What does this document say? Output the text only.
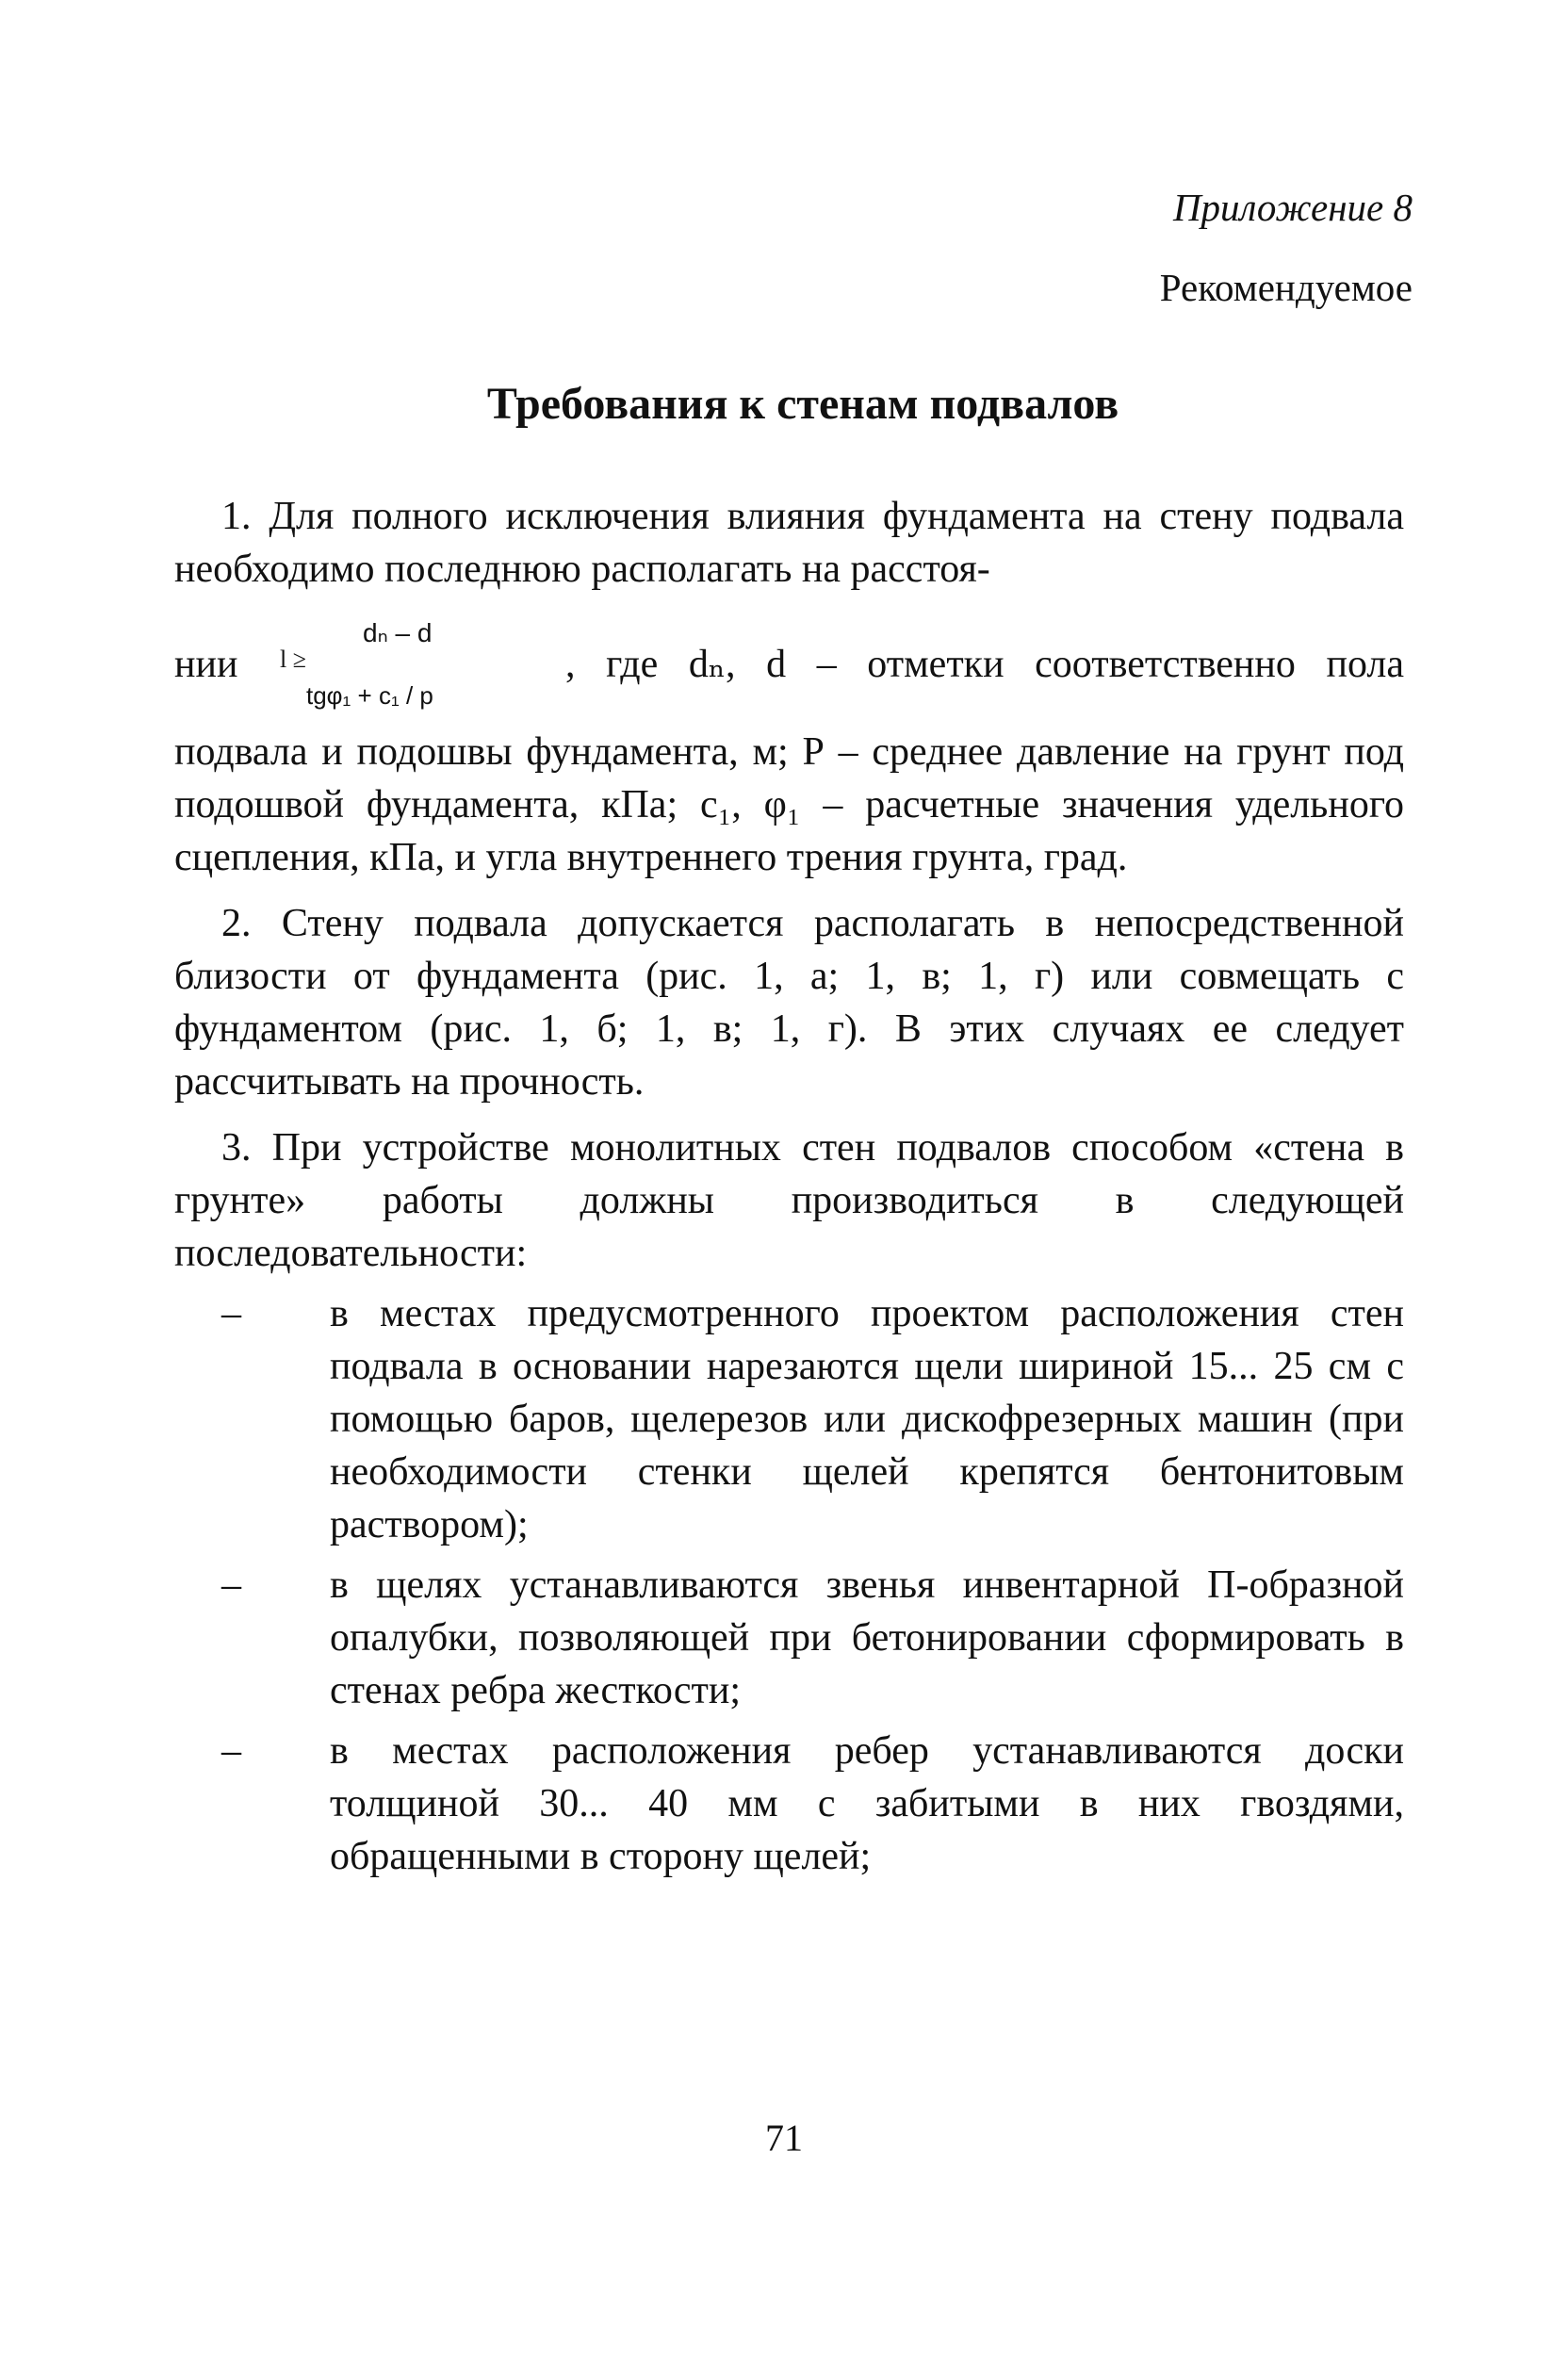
Приложение 8
Рекомендуемое
Требования к стенам подвалов

1. Для полного исключения влияния фундамента на стену подвала необходимо последнюю располагать на расстоя-

нии l ≥
dₙ – d
tgφ₁ + c₁ / p
, где dₙ, d – отметки соответственно пола

подвала и подошвы фундамента, м; Р – среднее давление на грунт под подошвой фундамента, кПа; c₁, φ₁ – расчетные значения удельного сцепления, кПа, и угла внутреннего трения грунта, град.

2. Стену подвала допускается располагать в непосредственной близости от фундамента (рис. 1, а; 1, в; 1, г) или совмещать с фундаментом (рис. 1, б; 1, в; 1, г). В этих случаях ее следует рассчитывать на прочность.

3. При устройстве монолитных стен подвалов способом «стена в грунте» работы должны производиться в следующей последовательности:

– в местах предусмотренного проектом расположения стен подвала в основании нарезаются щели шириной 15... 25 см с помощью баров, щелерезов или дискофрезерных машин (при необходимости стенки щелей крепятся бентонитовым раствором);
– в щелях устанавливаются звенья инвентарной П-образной опалубки, позволяющей при бетонировании сформировать в стенах ребра жесткости;
– в местах расположения ребер устанавливаются доски толщиной 30... 40 мм с забитыми в них гвоздями, обращенными в сторону щелей;
71
